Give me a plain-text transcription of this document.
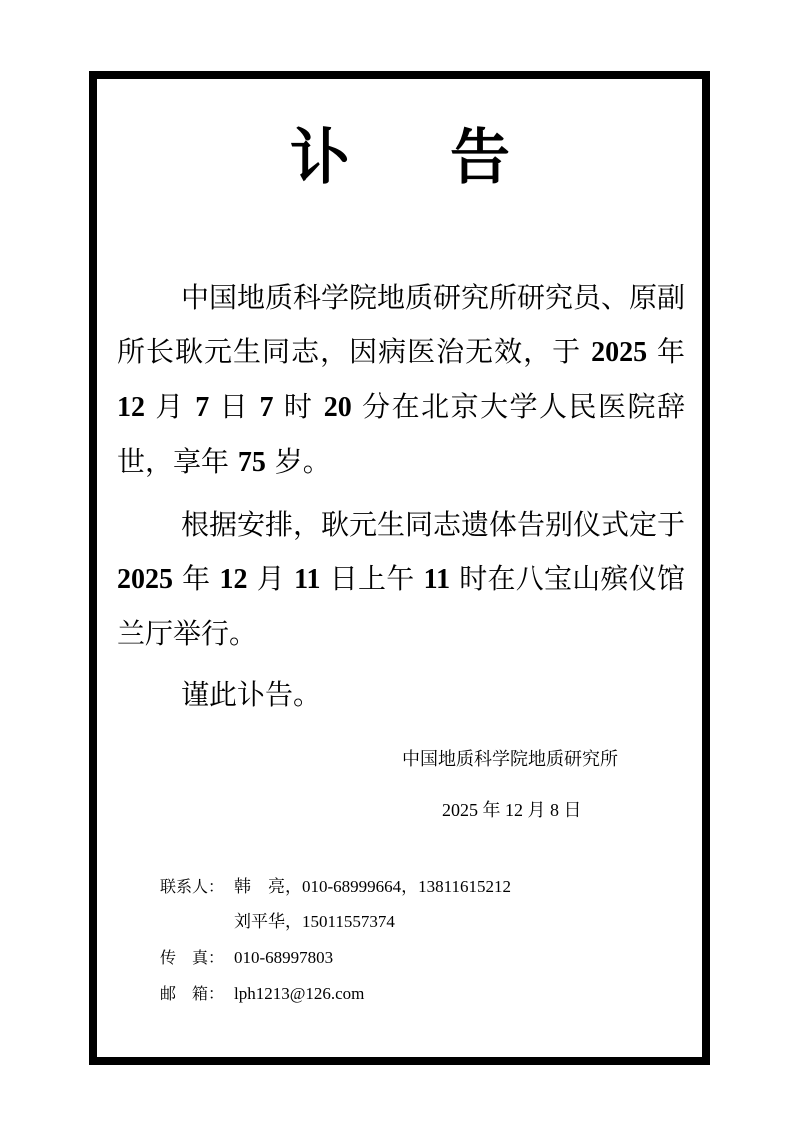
讣 告
中国地质科学院地质研究所研究员、原副所长耿元生同志，因病医治无效，于 2025 年 12 月 7 日 7 时 20 分在北京大学人民医院辞世，享年 75 岁。
根据安排，耿元生同志遗体告别仪式定于 2025 年 12 月 11 日上午 11 时在八宝山殡仪馆兰厅举行。
谨此讣告。
中国地质科学院地质研究所
2025 年 12 月 8 日
联系人： 韩　亮，010-68999664，13811615212
刘平华，15011557374
传　真： 010-68997803
邮　箱： lph1213@126.com
